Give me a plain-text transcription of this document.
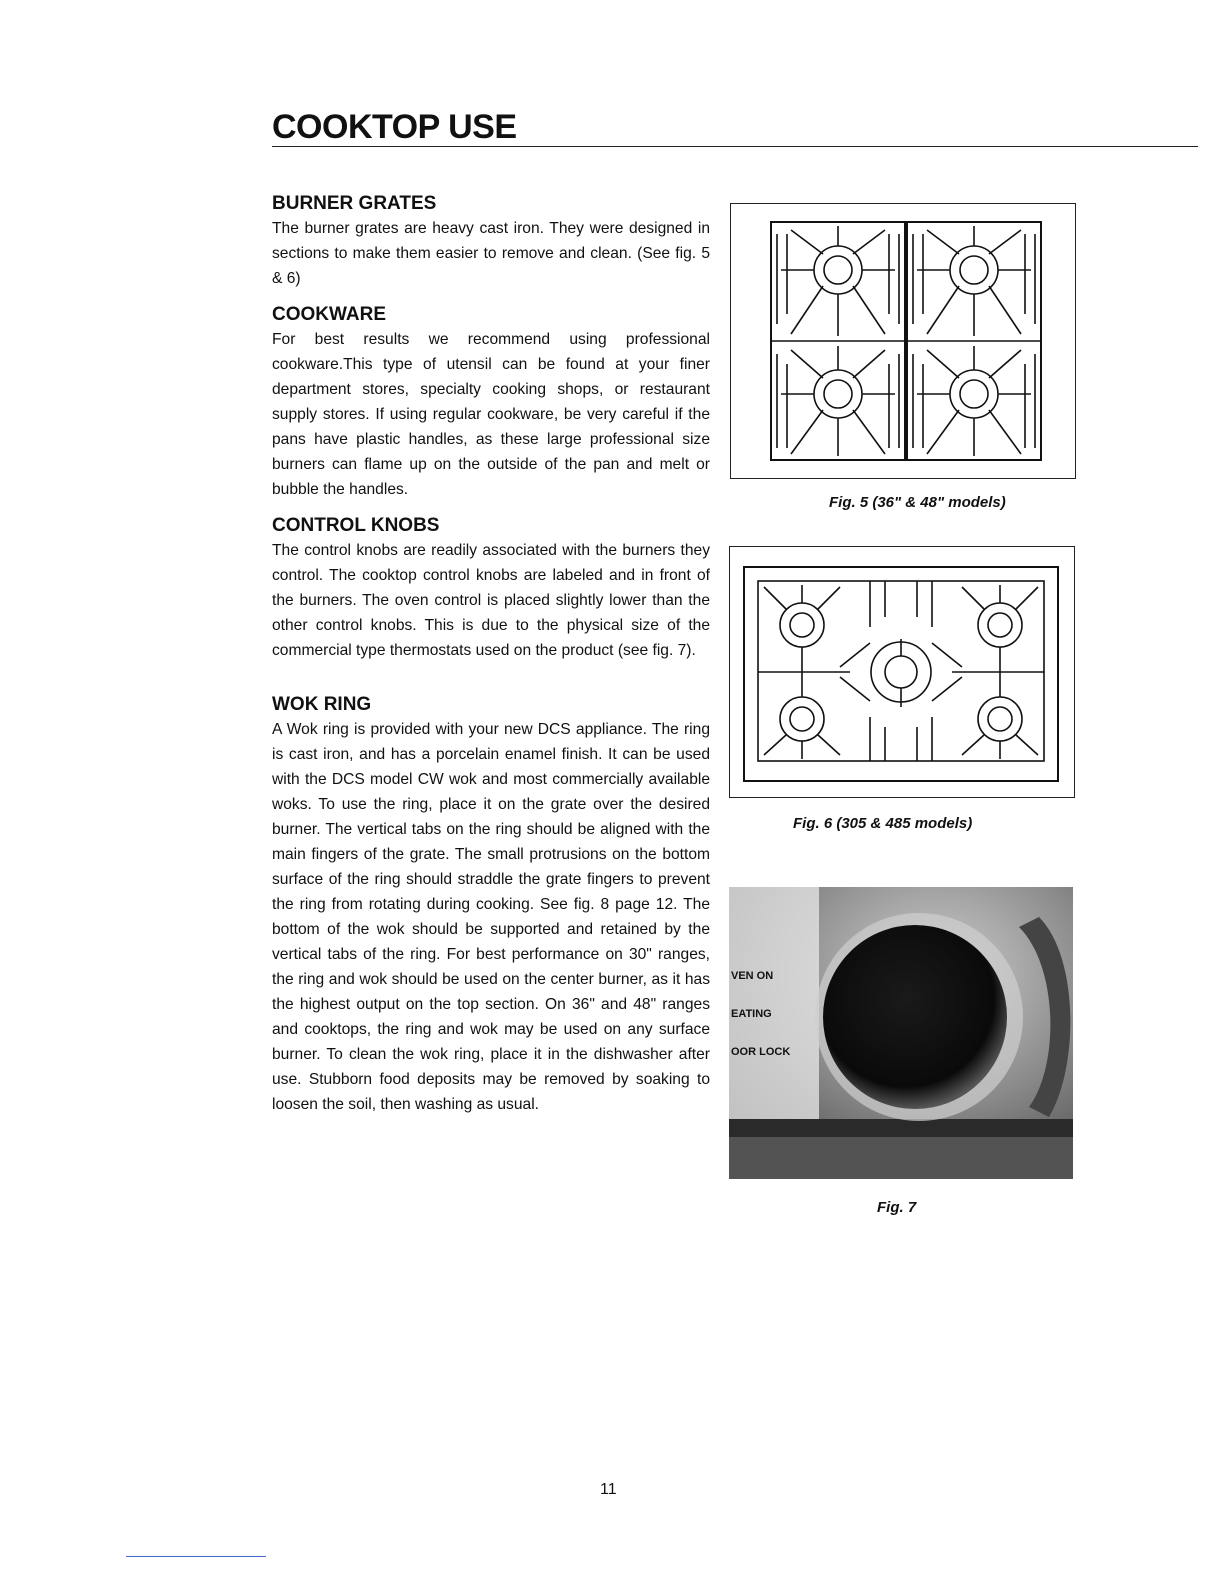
COOKTOP USE
BURNER GRATES

The burner grates are heavy cast iron. They were designed in sections to make them easier to remove and clean. (See fig. 5 & 6)

COOKWARE

For best results we recommend using professional cookware.This type of utensil can be found at your finer department stores, specialty cooking shops, or restaurant supply stores. If using regular cookware, be very careful if the pans have plastic handles, as these large professional size burners can flame up on the outside of the pan and melt or bubble the handles.

CONTROL KNOBS

The control knobs are readily associated with the burners they control. The cooktop control knobs are labeled and in front of the burners. The oven control is placed slightly lower than the other control knobs. This is due to the physical size of the commercial type thermostats used on the product (see fig. 7).

WOK RING

A Wok ring is provided with your new DCS appliance. The ring is cast iron, and has a porcelain enamel finish. It can be used with the DCS model CW wok and most commercially available woks. To use the ring, place it on the grate over the desired burner. The vertical tabs on the ring should be aligned with the main fingers of the grate. The small protrusions on the bottom surface of the ring should straddle the grate fingers to prevent the ring from rotating during cooking. See fig. 8 page 12. The bottom of the wok should be supported and retained by the vertical tabs of the ring. For best performance on 30" ranges, the ring and wok should be used on the center burner, as it has the highest output on the top section. On 36" and 48" ranges and cooktops, the ring and wok may be used on any surface burner. To clean the wok ring, place it in the dishwasher after use. Stubborn food deposits may be removed by soaking to loosen the soil, then washing as usual.

Fig. 5 (36" & 48" models)
Fig. 6 (305 & 485 models)
VEN ON
EATING
OOR LOCK
Fig. 7
11
